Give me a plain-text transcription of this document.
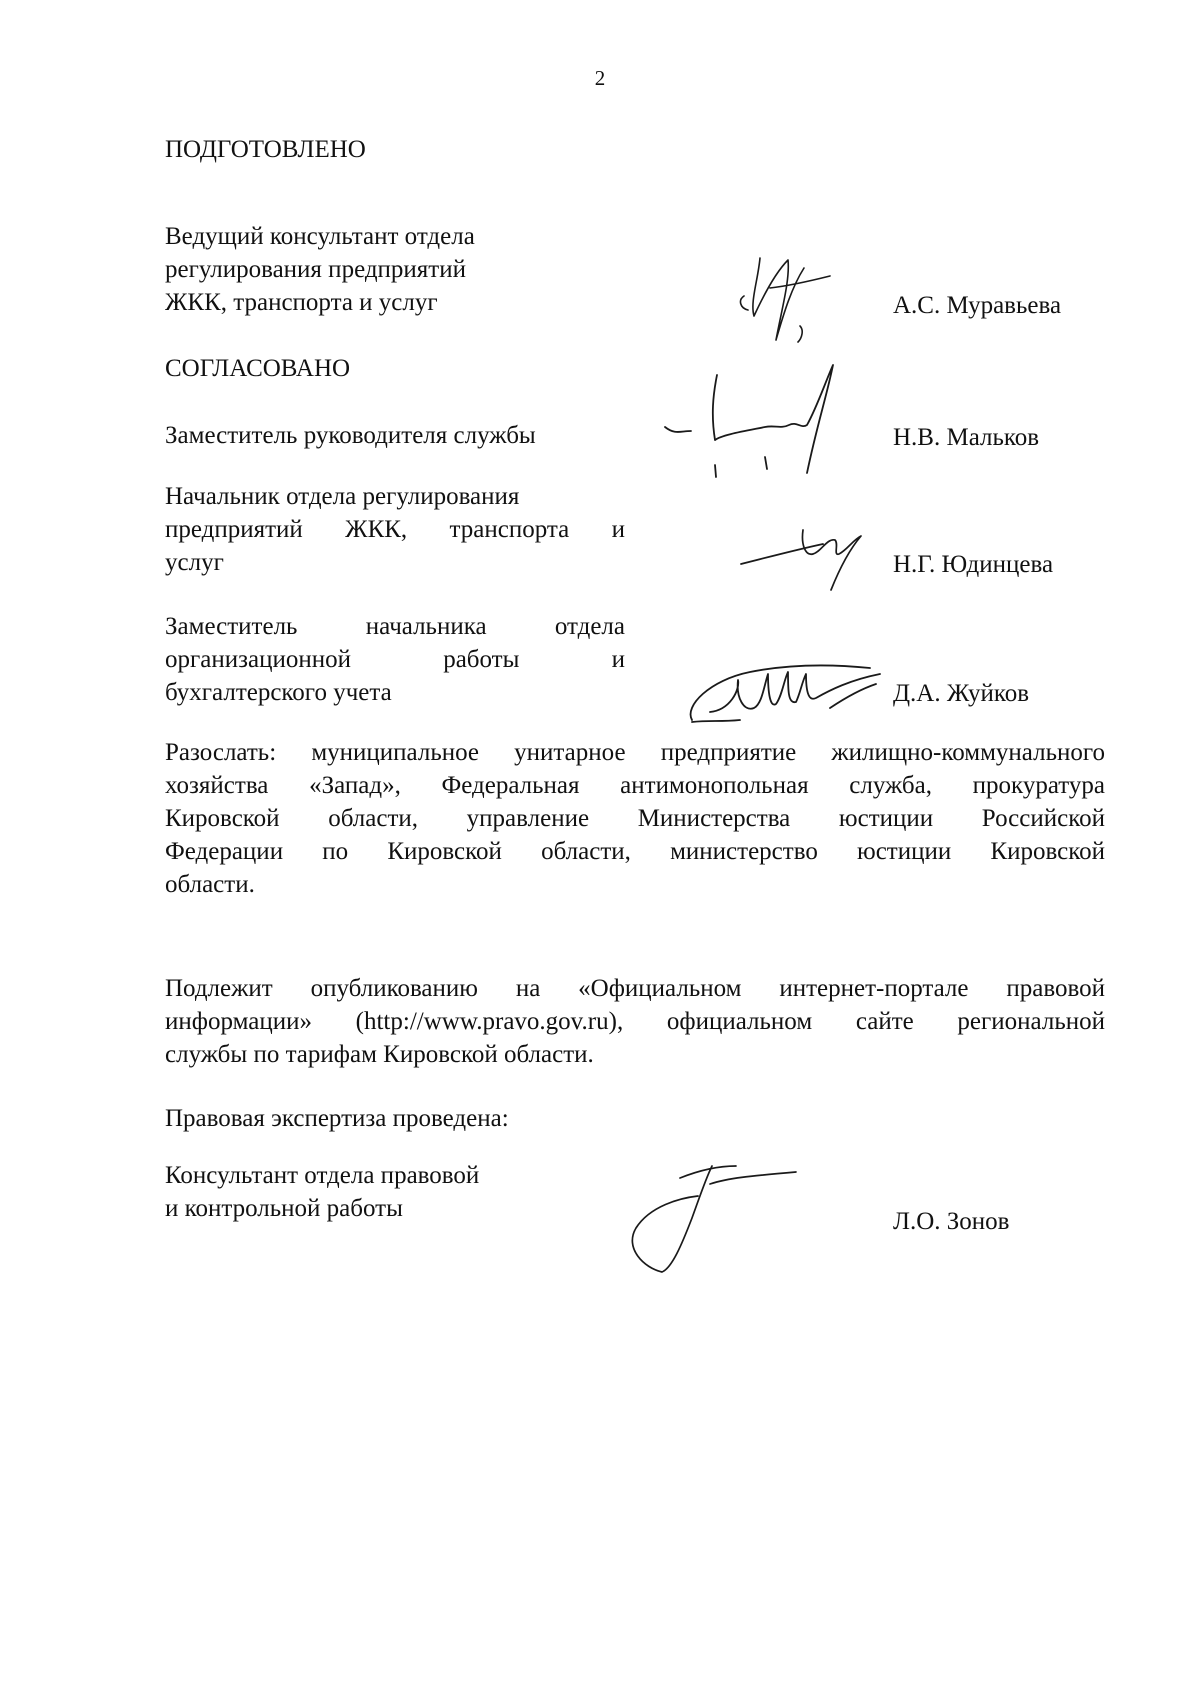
2
ПОДГОТОВЛЕНО
Ведущий консультант отдела
регулирования предприятий
ЖКК, транспорта и услуг	А.С. Муравьева
СОГЛАСОВАНО
Заместитель руководителя службы	Н.В. Мальков
Начальник отдела регулирования
предприятий ЖКК, транспорта и
услуг	Н.Г. Юдинцева
Заместитель начальника отдела
организационной работы и
бухгалтерского учета	Д.А. Жуйков
Разослать: муниципальное унитарное предприятие жилищно-коммунального
хозяйства «Запад», Федеральная антимонопольная служба, прокуратура
Кировской области, управление Министерства юстиции Российской
Федерации по Кировской области, министерство юстиции Кировской
области.
Подлежит опубликованию на «Официальном интернет-портале правовой
информации» (http://www.pravo.gov.ru), официальном сайте региональной
службы по тарифам Кировской области.
Правовая экспертиза проведена:
Консультант отдела правовой
и контрольной работы	Л.О. Зонов
